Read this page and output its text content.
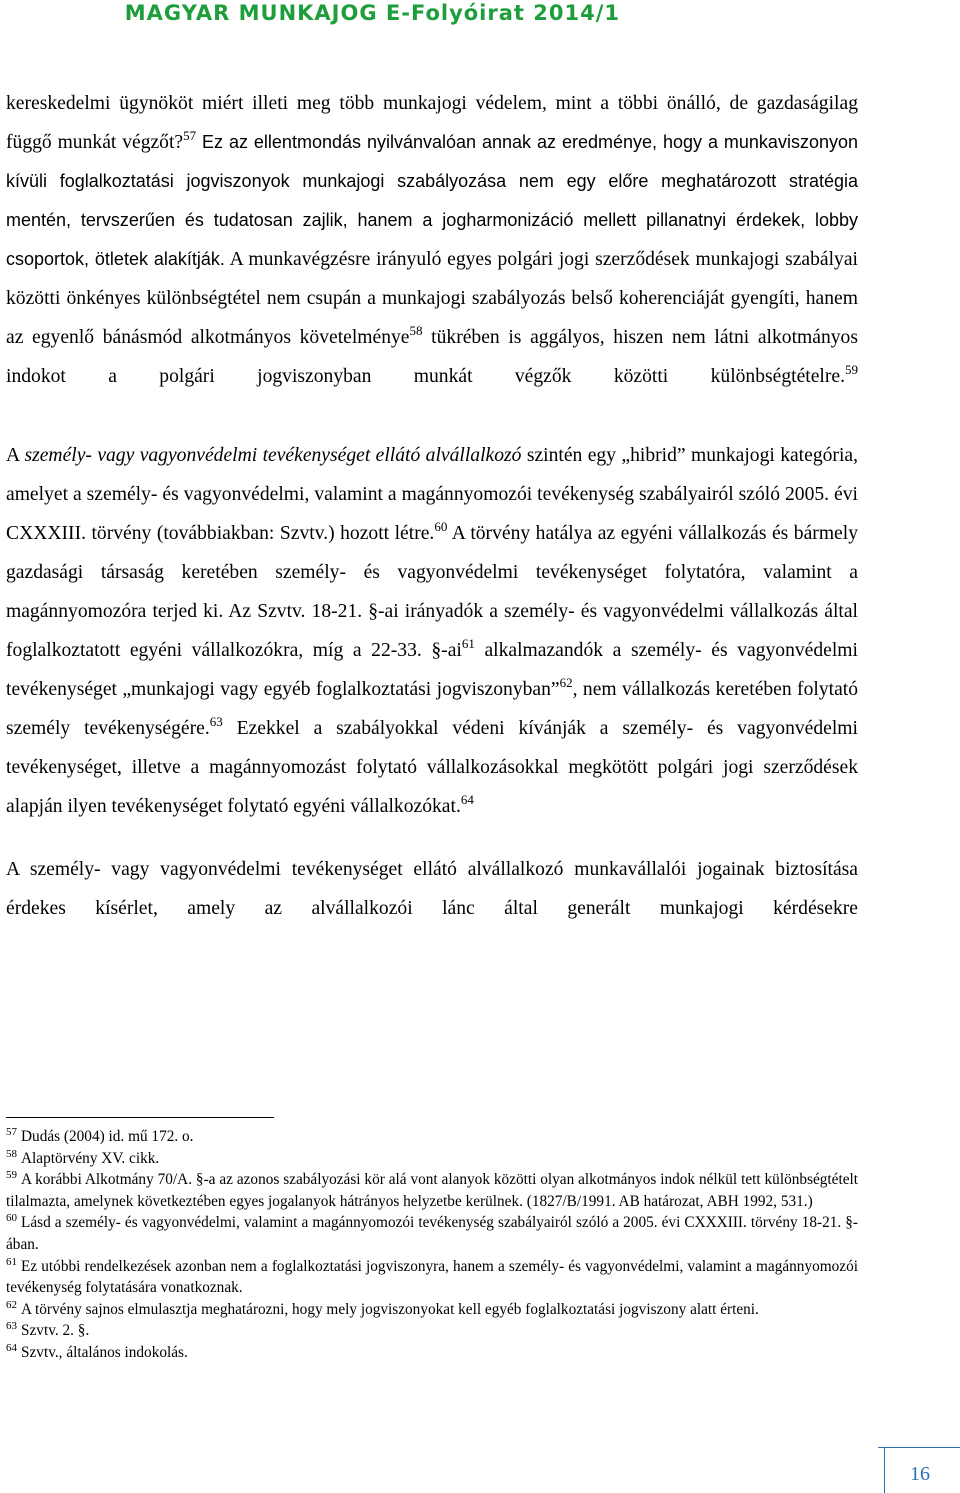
MAGYAR MUNKAJOG E-Folyóirat 2014/1

kereskedelmi ügynököt miért illeti meg több munkajogi védelem, mint a többi önálló, de gazdaságilag függő munkát végzőt?$^{57}$ Ez az ellentmondás nyilvánvalóan annak az eredménye, hogy a munkaviszonyon kívüli foglalkoztatási jogviszonyok munkajogi szabályozása nem egy előre meghatározott stratégia mentén, tervszerűen és tudatosan zajlik, hanem a jogharmonizáció mellett pillanatnyi érdekek, lobby csoportok, ötletek alakítják. A munkavégzésre irányuló egyes polgári jogi szerződések munkajogi szabályai közötti önkényes különbségtétel nem csupán a munkajogi szabályozás belső koherenciáját gyengíti, hanem az egyenlő bánásmód alkotmányos követelménye$^{58}$ tükrében is aggályos, hiszen nem látni alkotmányos indokot a polgári jogviszonyban munkát végzők közötti különbségtételre.$^{59}$

A személy- vagy vagyonvédelmi tevékenységet ellátó alvállalkozó szintén egy „hibrid” munkajogi kategória, amelyet a személy- és vagyonvédelmi, valamint a magánnyomozói tevékenység szabályairól szóló 2005. évi CXXXIII. törvény (továbbiakban: Szvtv.) hozott létre.$^{60}$ A törvény hatálya az egyéni vállalkozás és bármely gazdasági társaság keretében személy- és vagyonvédelmi tevékenységet folytatóra, valamint a magánnyomozóra terjed ki. Az Szvtv. 18-21. §-ai irányadók a személy- és vagyonvédelmi vállalkozás által foglalkoztatott egyéni vállalkozókra, míg a 22-33. $\S-ai^{61}$ alkalmazandók a személy- és vagyonvédelmi tevékenységet „munkajogi vagy egyéb foglalkoztatási jogviszonyban”$^{62}$, nem vállalkozás keretében folytató személy tevékenységére.$^{63}$ Ezekkel a szabályokkal védeni kívánják a személy- és vagyonvédelmi tevékenységet, illetve a magánnyomozást folytató vállalkozásokkal megkötött polgári jogi szerződések alapján ilyen tevékenységet folytató egyéni vállalkozókat.$^{64}$

A személy- vagy vagyonvédelmi tevékenységet ellátó alvállalkozó munkavállalói jogainak biztosítása érdekes kísérlet, amely az alvállalkozói lánc által generált munkajogi kérdésekre

$^{57}$ Dudás (2004) id. mű 172. o.

$^{58}$ Alaptörvény XV. cikk.

$^{59}$ A korábbi Alkotmány 70/A. §-a az azonos szabályozási kör alá vont alanyok közötti olyan alkotmányos indok nélkül tett különbségtételt tilalmazta, amelynek következtében egyes jogalanyok hátrányos helyzetbe kerülnek. (1827/B/1991. AB határozat, ABH 1992, 531.)

$^{60}$ Lásd a személy- és vagyonvédelmi, valamint a magánnyomozói tevékenység szabályairól szóló a 2005. évi CXXXIII. törvény 18-21. §-ában.

$^{61}$ Ez utóbbi rendelkezések azonban nem a foglalkoztatási jogviszonyra, hanem a személy- és vagyonvédelmi, valamint a magánnyomozói tevékenység folytatására vonatkoznak.

$^{62}$ A törvény sajnos elmulasztja meghatározni, hogy mely jogviszonyokat kell egyéb foglalkoztatási jogviszony alatt érteni.

$^{63}$ Szvtv. 2. §.

$^{64}$ Szvtv., általános indokolás.

16
